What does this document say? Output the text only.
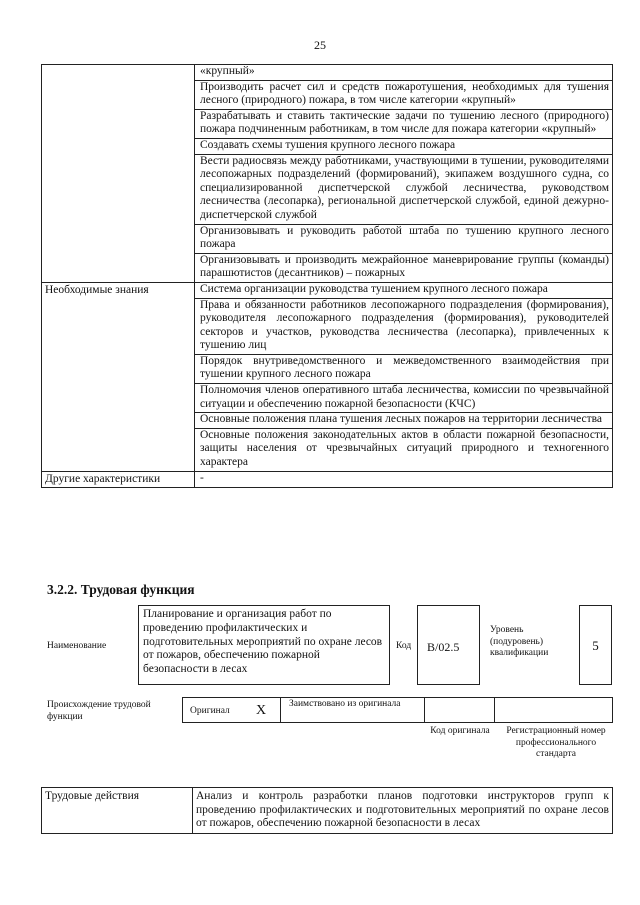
25
	«крупный»
	Производить расчет сил и средств пожаротушения, необходимых для тушения лесного (природного) пожара, в том числе категории «крупный»
	Разрабатывать и ставить тактические задачи по тушению лесного (природного) пожара подчиненным работникам, в том числе для пожара категории «крупный»
	Создавать схемы тушения крупного лесного пожара
	Вести радиосвязь между работниками, участвующими в тушении, руководителями лесопожарных подразделений (формирований), экипажем воздушного судна, со специализированной диспетчерской службой лесничества, руководством лесничества (лесопарка), региональной диспетчерской службой, единой дежурно-диспетчерской службой
	Организовывать и руководить работой штаба по тушению крупного лесного пожара
	Организовывать и производить межрайонное маневрирование группы (команды) парашютистов (десантников) – пожарных
Необходимые знания	Система организации руководства тушением крупного лесного пожара
	Права и обязанности работников лесопожарного подразделения (формирования), руководителя лесопожарного подразделения (формирования), руководителей секторов и участков, руководства лесничества (лесопарка), привлеченных к тушению лиц
	Порядок внутриведомственного и межведомственного взаимодействия при тушении крупного лесного пожара
	Полномочия членов оперативного штаба лесничества, комиссии по чрезвычайной ситуации и обеспечению пожарной безопасности (КЧС)
	Основные положения плана тушения лесных пожаров на территории лесничества
	Основные положения законодательных актов в области пожарной безопасности, защиты населения от чрезвычайных ситуаций природного и техногенного характера
Другие характеристики	-
3.2.2. Трудовая функция
Наименование
Планирование и организация работ по проведению профилактических и подготовительных мероприятий по охране лесов от пожаров, обеспечению пожарной безопасности в лесах
Код	B/02.5
Уровень (подуровень) квалификации	5
Происхождение трудовой функции
Оригинал X Заимствовано из оригинала
Код оригинала Регистрационный номер профессионального стандарта
Трудовые действия	Анализ и контроль разработки планов подготовки инструкторов групп к проведению профилактических и подготовительных мероприятий по охране лесов от пожаров, обеспечению пожарной безопасности в лесах
